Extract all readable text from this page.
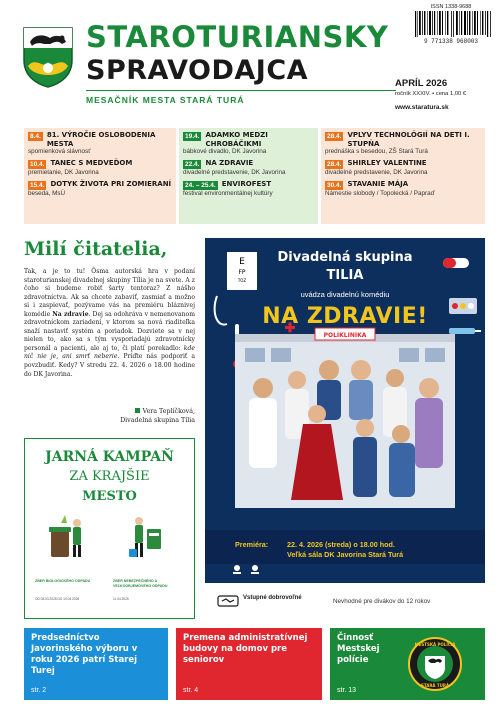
STAROTURIANSKY
SPRAVODAJCA
MESAČNÍK MESTA STARÁ TURÁ
ISSN 1338-9688
9 771338 968003
APRÍL 2026
ročník XXXIV. • cena 1,00 €
www.staratura.sk
8.4. 81. VÝROČIE OSLOBODENIA MESTA
spomienková slávnosť
10.4. TANEC S MEDVEĎOM
premietanie, DK Javorina
15.4. DOTYK ŽIVOTA PRI ZOMIERANÍ
beseda, MsÚ
19.4. ADAMKO MEDZI CHROBÁČIKMI
bábkové divadlo, DK Javorina
22.4. NA ZDRAVIE
divadelné predstavenie, DK Javorina
24. – 25.4. ENVIROFEST
festival environmentálnej kultúry
28.4. VPLYV TECHNOLÓGIÍ NA DETI I. STUPŇA
prednáška s besedou, ZŠ Stará Turá
28.4. SHIRLEY VALENTINE
divadelné predstavenie, DK Javorina
30.4. STAVANIE MÁJA
Námestie slobody / Topolecká / Papraď
Milí čitatelia,
Tak, a je to tu! Ôsma autorská hra v podaní staroturianskej divadelnej skupiny Tília je na svete. A z čoho si budeme robiť šarty tentoraz? Z nášho zdravotníctva. Ak sa chcete zabaviť, zasmiať a možno si i zaspievať, pozývame vás na premiéru bláznivej komédie Na zdravie. Dej sa odohráva v nemenovanom zdravotníckom zariadení, v ktorom sa nová riaditeľka snaží nastaviť systém a poriadok. Dozviete sa v nej nielen to, ako sa s tým vysporiadajú zdravotnícky personál a pacienti, ale aj to, či platí porekadlo: kde nič nie je, ani smrť neberie. Príďte nás podporiť a povzbudiť. Kedy? V stredu 22. 4. 2026 o 18.00 hodine do DK Javorina.
Vera Teplíčková,
Divadelná skupina Tília
JARNÁ KAMPAŇ
ZA KRAJŠIE
MESTO
ZBER BIOLOGICKÉHO ODPADU
OD 08.03.2026 DO 10.04.2026
ZBER NEBEZPEČNÉHO A VEĽKOOBJEMOVÉHO ODPADU
11.04.2026
E
FP
TOZ
POLIKLINIKA
Divadelná skupina
TILIA
uvádza divadelnú komédiu
NA ZDRAVIE!
Premiéra:	22. 4. 2026 (streda) o 18.00 hod.
Veľká sála DK Javorina Stará Turá
Vstupné dobrovoľné	Nevhodné pre divákov do 12 rokov
Predsedníctvo Javorinského výboru v roku 2026 patrí Starej Turej
str. 2
Premena administratívnej budovy na domov pre seniorov
str. 4
Činnosť Mestskej polície
str. 13
MESTSKÁ POLÍCIA
STARÁ TURÁ
